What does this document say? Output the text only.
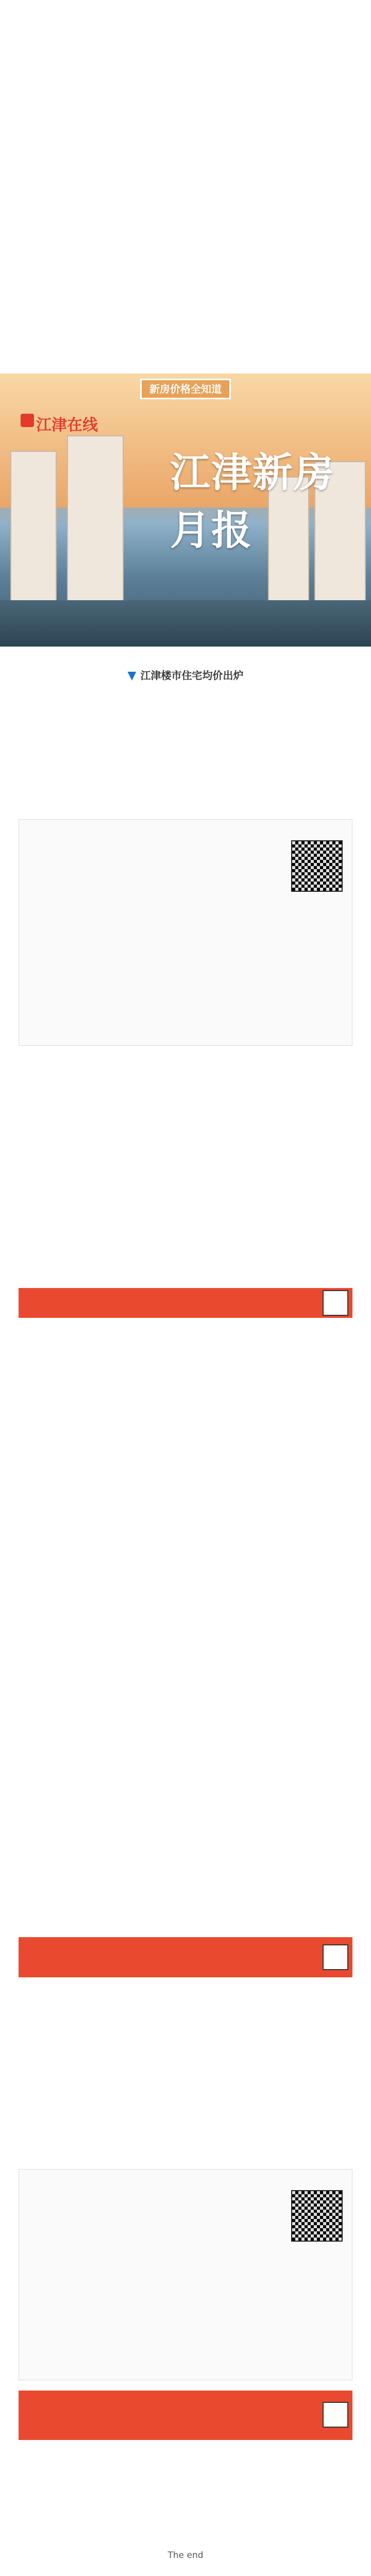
新房价格全知道
江津在线
江津新房月报
▼ 江津楼市住宅均价出炉

The end
